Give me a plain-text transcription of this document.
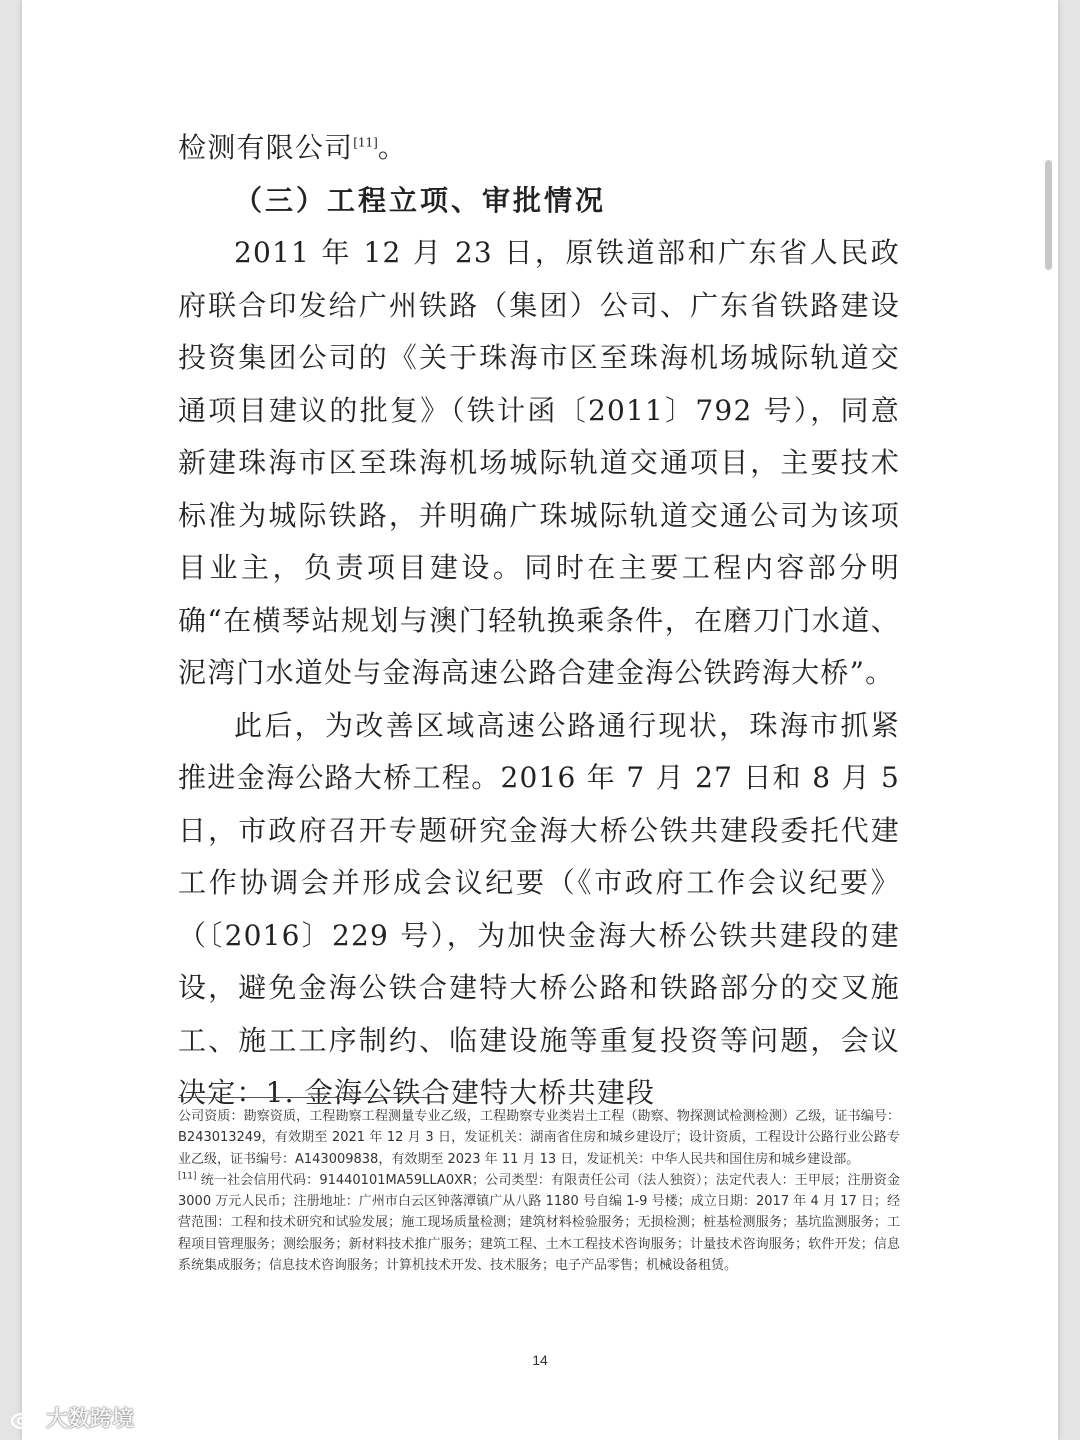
检测有限公司[11]。

（三）工程立项、审批情况

2011 年 12 月 23 日，原铁道部和广东省人民政府联合印发给广州铁路（集团）公司、广东省铁路建设投资集团公司的《关于珠海市区至珠海机场城际轨道交通项目建议的批复》（铁计函〔2011〕792 号），同意新建珠海市区至珠海机场城际轨道交通项目，主要技术标准为城际铁路，并明确广珠城际轨道交通公司为该项目业主，负责项目建设。同时在主要工程内容部分明确“在横琴站规划与澳门轻轨换乘条件，在磨刀门水道、泥湾门水道处与金海高速公路合建金海公铁跨海大桥”。

此后，为改善区域高速公路通行现状，珠海市抓紧推进金海公路大桥工程。2016 年 7 月 27 日和 8 月 5 日，市政府召开专题研究金海大桥公铁共建段委托代建工作协调会并形成会议纪要（《市政府工作会议纪要》（〔2016〕229 号），为加快金海大桥公铁共建段的建设，避免金海公铁合建特大桥公路和铁路部分的交叉施工、施工工序制约、临建设施等重复投资等问题，会议决定：1. 金海公铁合建特大桥共建段

公司资质：勘察资质，工程勘察工程测量专业乙级，工程勘察专业类岩土工程（勘察、物探测试检测检测）乙级，证书编号：B243013249，有效期至 2021 年 12 月 3 日，发证机关：湖南省住房和城乡建设厅；设计资质，工程设计公路行业公路专业乙级，证书编号：A143009838，有效期至 2023 年 11 月 13 日，发证机关：中华人民共和国住房和城乡建设部。

[11] 统一社会信用代码：91440101MA59LLA0XR；公司类型：有限责任公司（法人独资）；法定代表人：王甲辰；注册资金 3000 万元人民币；注册地址：广州市白云区钟落潭镇广从八路 1180 号自编 1-9 号楼；成立日期：2017 年 4 月 17 日；经营范围：工程和技术研究和试验发展；施工现场质量检测；建筑材料检验服务；无损检测；桩基检测服务；基坑监测服务；工程项目管理服务；测绘服务；新材料技术推广服务；建筑工程、土木工程技术咨询服务；计量技术咨询服务；软件开发；信息系统集成服务；信息技术咨询服务；计算机技术开发、技术服务；电子产品零售；机械设备租赁。

14
大数跨境
